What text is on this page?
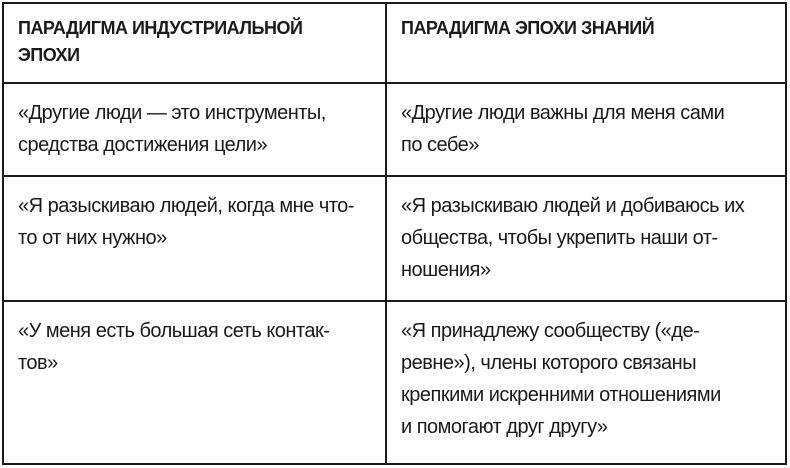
ПАРАДИГМА ИНДУСТРИАЛЬНОЙ
ЭПОХИ
ПАРАДИГМА ЭПОХИ ЗНАНИЙ
«Другие люди — это инструменты,
средства достижения цели»
«Другие люди важны для меня сами
по себе»
«Я разыскиваю людей, когда мне что-
то от них нужно»
«Я разыскиваю людей и добиваюсь их
общества, чтобы укрепить наши от-
ношения»
«У меня есть большая сеть контак-
тов»
«Я принадлежу сообществу («де-
ревне»), члены которого связаны
крепкими искренними отношениями
и помогают друг другу»
